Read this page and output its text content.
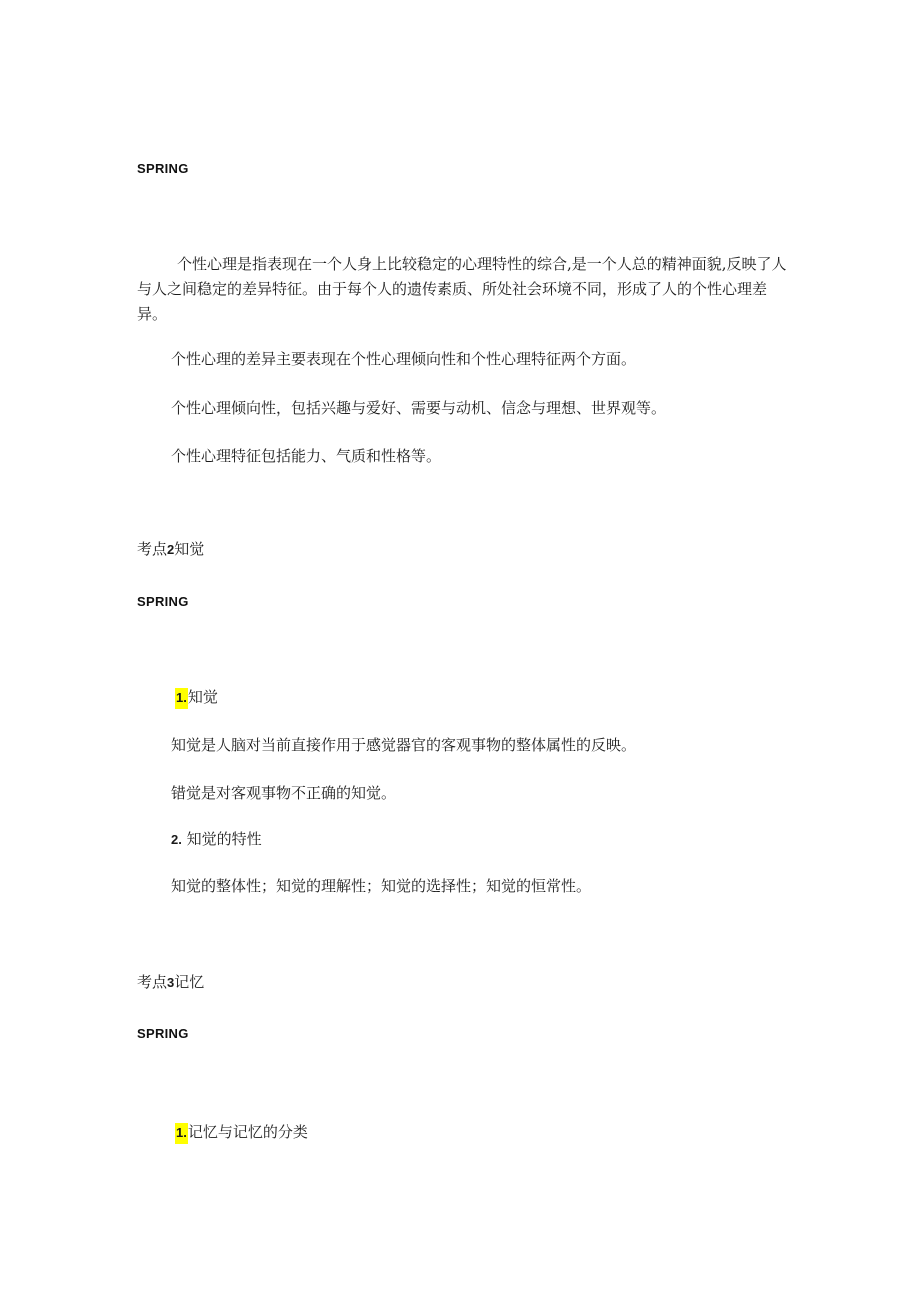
SPRING

个性心理是指表现在一个人身上比较稳定的心理特性的综合,是一个人总的精神面貌,反映了人与人之间稳定的差异特征。由于每个人的遗传素质、所处社会环境不同，形成了人的个性心理差异。

个性心理的差异主要表现在个性心理倾向性和个性心理特征两个方面。

个性心理倾向性，包括兴趣与爱好、需要与动机、信念与理想、世界观等。

个性心理特征包括能力、气质和性格等。

考点2知觉
SPRING
1.知觉

知觉是人脑对当前直接作用于感觉器官的客观事物的整体属性的反映。

错觉是对客观事物不正确的知觉。

2. 知觉的特性

知觉的整体性；知觉的理解性；知觉的选择性；知觉的恒常性。

考点3记忆
SPRING
1.记忆与记忆的分类
